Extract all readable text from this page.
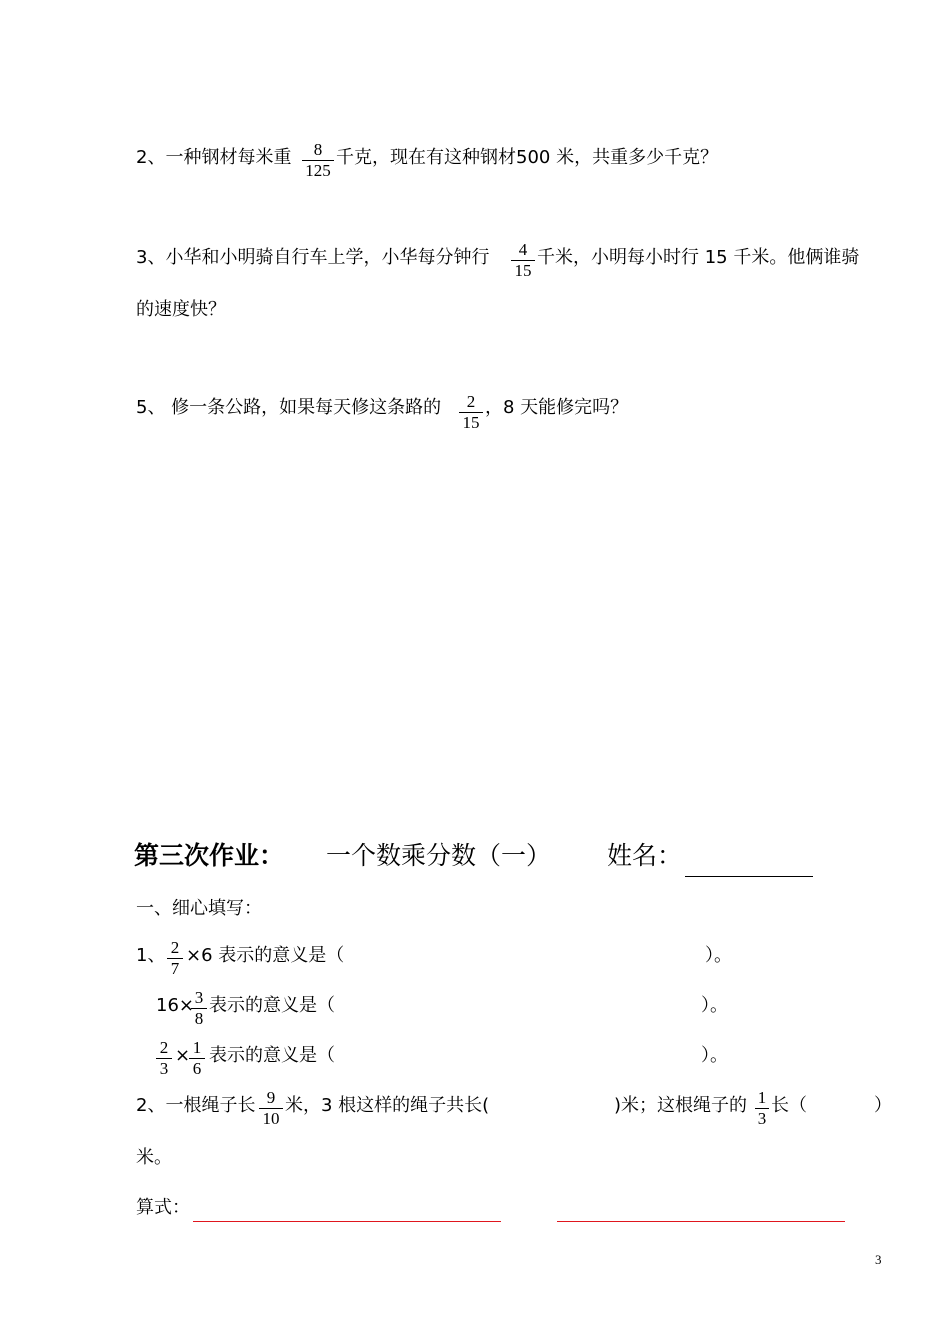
2、一种钢材每米重	8
125
千克，现在有这种钢材500 米，共重多少千克？
3、小华和小明骑自行车上学，小华每分钟行	4
15
千米，小明每小时行 15 千米。他俩谁骑
的速度快？
5、 修一条公路，如果每天修这条路的	2
15
，8 天能修完吗？
第三次作业： 一个数乘分数（一） 姓名：
一、细心填写：
1、 2
7
×6 表示的意义是（	）。
16× 3
8
表示的意义是（	）。
2
3
× 1
6
表示的意义是（	）。
2、一根绳子长 9
10
米，3 根这样的绳子共长(	)米；这根绳子的 1
3
长（	）
米。
算式：
3
